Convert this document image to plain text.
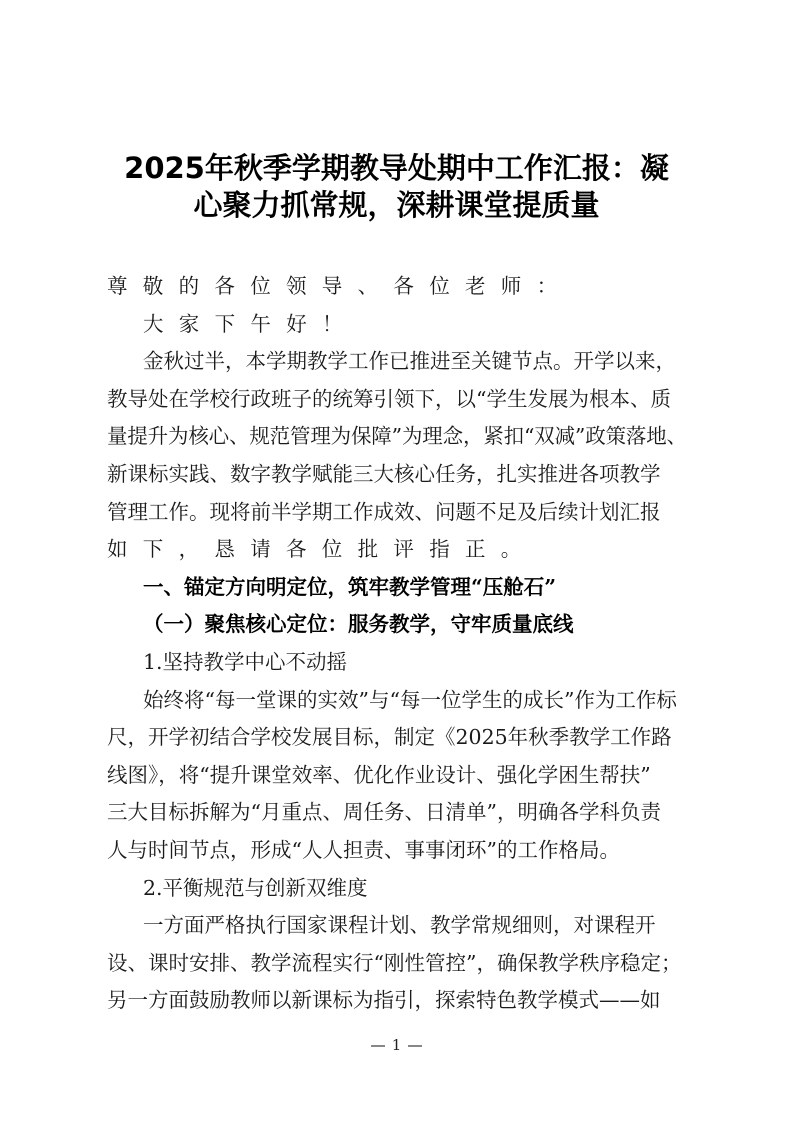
2025年秋季学期教导处期中工作汇报：凝
心聚力抓常规，深耕课堂提质量
尊敬的各位领导、各位老师：
大家下午好！
金秋过半，本学期教学工作已推进至关键节点。开学以来，
教导处在学校行政班子的统筹引领下，以“学生发展为根本、质
量提升为核心、规范管理为保障”为理念，紧扣“双减”政策落地、
新课标实践、数字教学赋能三大核心任务，扎实推进各项教学
管理工作。现将前半学期工作成效、问题不足及后续计划汇报
如下，恳请各位批评指正。
一、锚定方向明定位，筑牢教学管理“压舱石”
（一）聚焦核心定位：服务教学，守牢质量底线
1.坚持教学中心不动摇
始终将“每一堂课的实效”与“每一位学生的成长”作为工作标
尺，开学初结合学校发展目标，制定《2025年秋季教学工作路
线图》，将“提升课堂效率、优化作业设计、强化学困生帮扶”
三大目标拆解为“月重点、周任务、日清单”，明确各学科负责
人与时间节点，形成“人人担责、事事闭环”的工作格局。
2.平衡规范与创新双维度
一方面严格执行国家课程计划、教学常规细则，对课程开
设、课时安排、教学流程实行“刚性管控”，确保教学秩序稳定；
另一方面鼓励教师以新课标为指引，探索特色教学模式——如
1
